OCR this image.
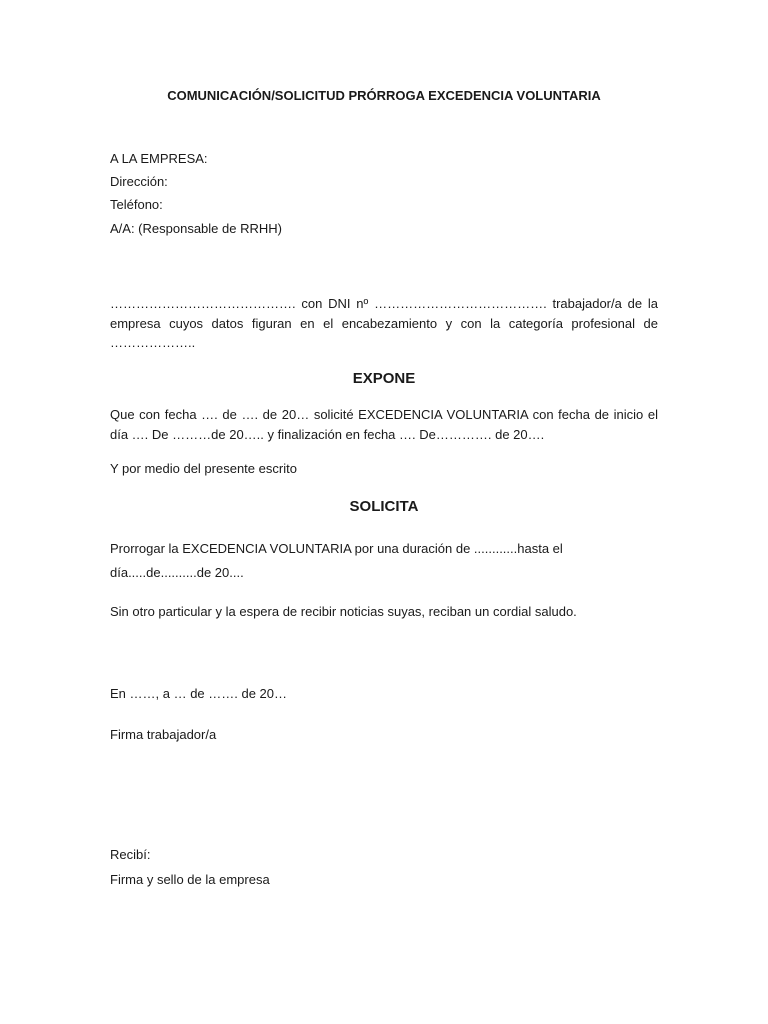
COMUNICACIÓN/SOLICITUD PRÓRROGA EXCEDENCIA VOLUNTARIA
A LA EMPRESA:
Dirección:
Teléfono:
A/A: (Responsable de RRHH)
……………………………………. con DNI nº …………………………………. trabajador/a de la empresa cuyos datos figuran en el encabezamiento y con la categoría profesional de ………………..
EXPONE
Que con fecha …. de …. de 20… solicité EXCEDENCIA VOLUNTARIA con fecha de inicio el día …. De ………de 20….. y finalización en fecha …. De…………. de 20….
Y por medio del presente escrito
SOLICITA
Prorrogar la EXCEDENCIA VOLUNTARIA por una duración de ............hasta el
día.....de..........de 20....
Sin otro particular y la espera de recibir noticias suyas, reciban un cordial saludo.
En ……, a … de ……. de 20…
Firma trabajador/a
Recibí:
Firma y sello de la empresa
